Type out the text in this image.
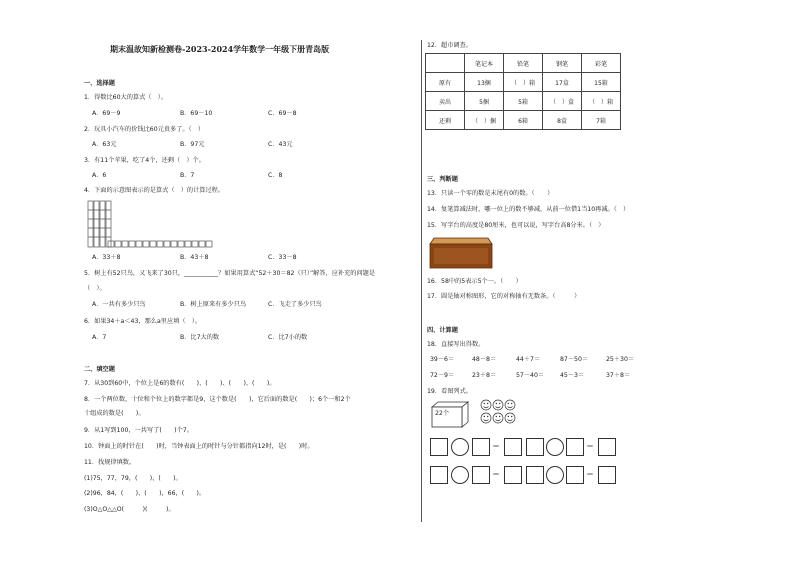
期末温故知新检测卷-2023-2024学年数学一年级下册青岛版
一、选择题
1．得数比60大的算式（　）。
A．69－9	B．69－10	C．69－8
2．玩具小汽车的价钱比60元贵多了。（　）
A．63元	B．97元	C．43元
3．有11个苹果，吃了4个，还剩（　）个。
A．6	B．7	C．8
4．下面的示意图表示的是算式（　）的计算过程。
A．33＋8	B．43＋8	C．33－8
5．树上有52只鸟，又飞来了30只，___________？如果用算式“52＋30＝82（只）”解答，应补充的问题是
（　）。
A．一共有多少只鸟	B．树上原来有多少只鸟	C．飞走了多少只鸟
6．如果34＋a＜43，那么a里应填（　）。
A．7	B．比7大的数	C．比7小的数
二、填空题
7．从30到60中，个位上是6的数有(　　)、(　　)、(　　)、(　　)。
8．一个两位数，十位和个位上的数字都是9，这个数是(　　)，它后面的数是(　　)；6个一和2个
十组成的数是(　　)。
9．从1写到100，一共写了(　　)个7。
10．钟面上的时针在(　　)时，当钟表面上的时针与分针都指向12时，是(　　)时。
11．找规律填数。
(1)75，77，79，(　　)，(　　)。
(2)96，84，(　　)，(　　)，66，(　　)。
(3)O△O△△O(　　　)(　　　)。
12．超市调查。
	笔记本	铅笔	钢笔	彩笔
原有	13捆	（　）箱	17盒	15箱
卖出	5捆	5箱	（　）盒	（　）箱
还剩	（　）捆	6箱	8盒	7箱
三、判断题
13．只读一个零的数是末尾有0的数。（　　）
14．复笔算减法时，哪一位上的数不够减，从前一位借1当10再减。（　）
15．写字台的高度是80厘米，也可以说，写字台高8分米。（　）
16．58中的5表示5个一。（　　）
17．圆是轴对称图形，它的对称轴有无数条。（　　　）
四、计算题
18．直接写出得数。
39－6＝	48－8＝	44＋7＝	87－50＝	25＋30＝
72－9＝	23＋8＝	57－40＝	45－3＝	37＋8＝
19．看图列式。
22个
＝	＝
＝	＝
